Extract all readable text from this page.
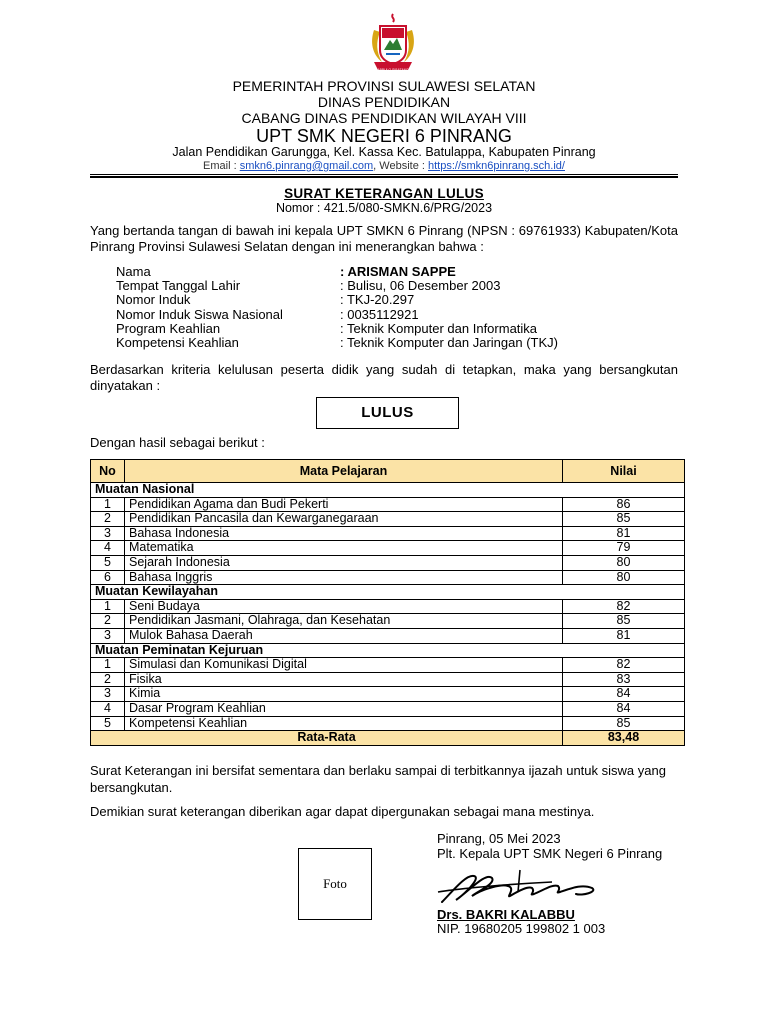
ABBULO SIBATANG
PEMERINTAH PROVINSI SULAWESI SELATAN
DINAS PENDIDIKAN
CABANG DINAS PENDIDIKAN WILAYAH VIII
UPT SMK NEGERI 6 PINRANG
Jalan Pendidikan Garungga, Kel. Kassa Kec. Batulappa, Kabupaten Pinrang
Email : smkn6.pinrang@gmail.com, Website : https://smkn6pinrang.sch.id/
SURAT KETERANGAN LULUS
Nomor : 421.5/080-SMKN.6/PRG/2023
Yang bertanda tangan di bawah ini kepala UPT SMKN 6 Pinrang (NPSN : 69761933) Kabupaten/Kota Pinrang Provinsi Sulawesi Selatan dengan ini menerangkan bahwa :
Nama	: ARISMAN SAPPE
Tempat Tanggal Lahir	: Bulisu, 06 Desember 2003
Nomor Induk	: TKJ-20.297
Nomor Induk Siswa Nasional	: 0035112921
Program Keahlian	: Teknik Komputer dan Informatika
Kompetensi Keahlian	: Teknik Komputer dan Jaringan (TKJ)
Berdasarkan kriteria kelulusan peserta didik yang sudah di tetapkan, maka yang bersangkutan dinyatakan :
LULUS
Dengan hasil sebagai berikut :
No	Mata Pelajaran	Nilai
Muatan Nasional		
1	Pendidikan Agama dan Budi Pekerti	86
2	Pendidikan Pancasila dan Kewarganegaraan	85
3	Bahasa Indonesia	81
4	Matematika	79
5	Sejarah Indonesia	80
6	Bahasa Inggris	80
Muatan Kewilayahan		
1	Seni Budaya	82
2	Pendidikan Jasmani, Olahraga, dan Kesehatan	85
3	Mulok Bahasa Daerah	81
Muatan Peminatan Kejuruan		
1	Simulasi dan Komunikasi Digital	82
2	Fisika	83
3	Kimia	84
4	Dasar Program Keahlian	84
5	Kompetensi Keahlian	85
Rata-Rata		83,48
Surat Keterangan ini bersifat sementara dan berlaku sampai di terbitkannya ijazah untuk siswa yang bersangkutan.
Demikian surat keterangan diberikan agar dapat dipergunakan sebagai mana mestinya.
Foto
Pinrang, 05 Mei 2023
Plt. Kepala UPT SMK Negeri 6 Pinrang
Drs. BAKRI KALABBU
NIP. 19680205 199802 1 003
